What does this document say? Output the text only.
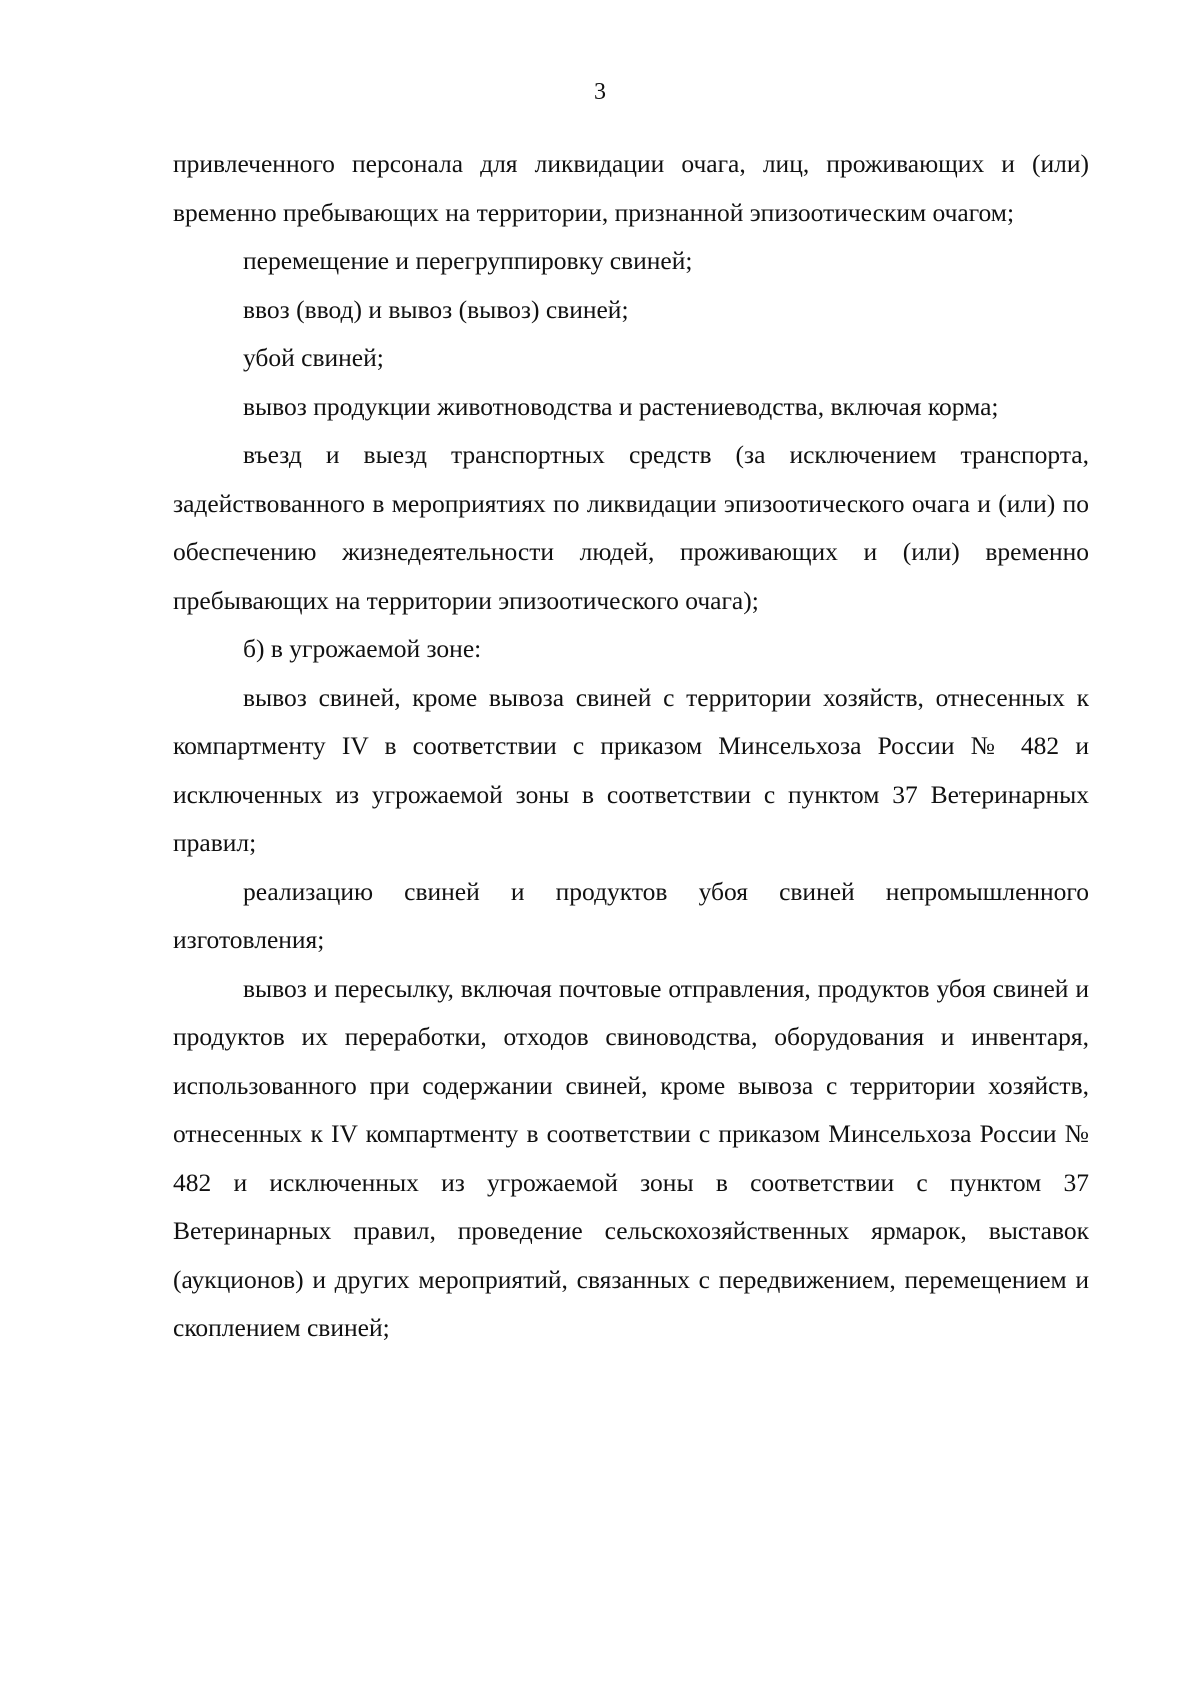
3

привлеченного персонала для ликвидации очага, лиц, проживающих и (или) временно пребывающих на территории, признанной эпизоотическим очагом;

перемещение и перегруппировку свиней;

ввоз (ввод) и вывоз (вывоз) свиней;

убой свиней;

вывоз продукции животноводства и растениеводства, включая корма;

въезд и выезд транспортных средств (за исключением транспорта, задействованного в мероприятиях по ликвидации эпизоотического очага и (или) по обеспечению жизнедеятельности людей, проживающих и (или) временно пребывающих на территории эпизоотического очага);

б) в угрожаемой зоне:

вывоз свиней, кроме вывоза свиней с территории хозяйств, отнесенных к компартменту IV в соответствии с приказом Минсельхоза России № 482 и исключенных из угрожаемой зоны в соответствии с пунктом 37 Ветеринарных правил;

реализацию свиней и продуктов убоя свиней непромышленного изготовления;

вывоз и пересылку, включая почтовые отправления, продуктов убоя свиней и продуктов их переработки, отходов свиноводства, оборудования и инвентаря, использованного при содержании свиней, кроме вывоза с территории хозяйств, отнесенных к IV компартменту в соответствии с приказом Минсельхоза России № 482 и исключенных из угрожаемой зоны в соответствии с пунктом 37 Ветеринарных правил, проведение сельскохозяйственных ярмарок, выставок (аукционов) и других мероприятий, связанных с передвижением, перемещением и скоплением свиней;
